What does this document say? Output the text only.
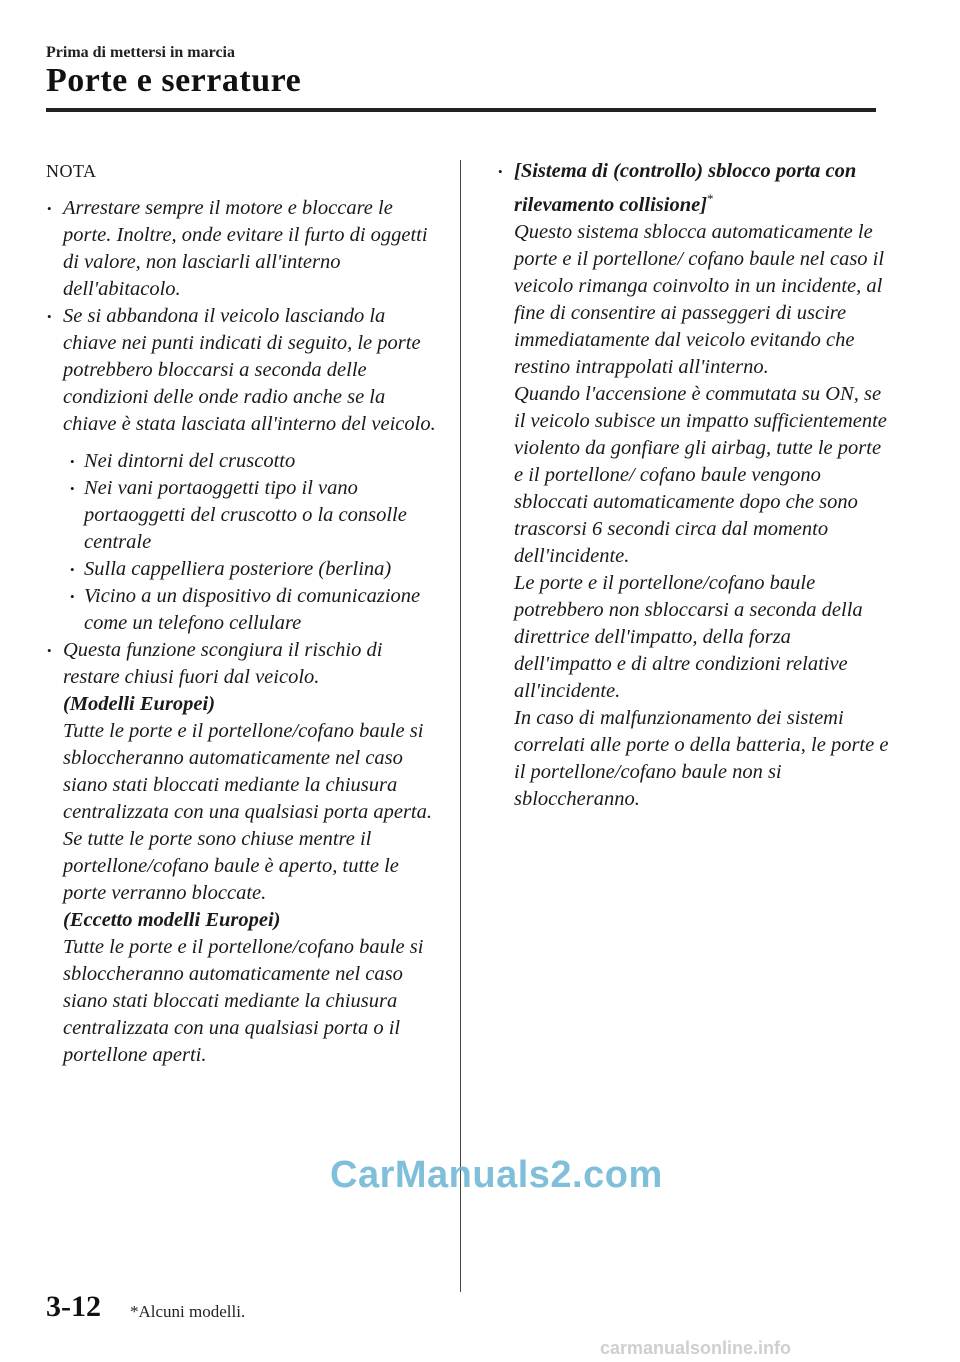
Prima di mettersi in marcia
Porte e serrature
NOTA
• Arrestare sempre il motore e bloccare le porte. Inoltre, onde evitare il furto di oggetti di valore, non lasciarli all'interno dell'abitacolo.
• Se si abbandona il veicolo lasciando la chiave nei punti indicati di seguito, le porte potrebbero bloccarsi a seconda delle condizioni delle onde radio anche se la chiave è stata lasciata all'interno del veicolo.
• Nei dintorni del cruscotto
• Nei vani portaoggetti tipo il vano portaoggetti del cruscotto o la consolle centrale
• Sulla cappelliera posteriore (berlina)
• Vicino a un dispositivo di comunicazione come un telefono cellulare
• Questa funzione scongiura il rischio di restare chiusi fuori dal veicolo.
(Modelli Europei)
Tutte le porte e il portellone/cofano baule si sbloccheranno automaticamente nel caso siano stati bloccati mediante la chiusura centralizzata con una qualsiasi porta aperta.
Se tutte le porte sono chiuse mentre il portellone/cofano baule è aperto, tutte le porte verranno bloccate.
(Eccetto modelli Europei)
Tutte le porte e il portellone/cofano baule si sbloccheranno automaticamente nel caso siano stati bloccati mediante la chiusura centralizzata con una qualsiasi porta o il portellone aperti.
• [Sistema di (controllo) sblocco porta con rilevamento collisione]*
Questo sistema sblocca automaticamente le porte e il portellone/ cofano baule nel caso il veicolo rimanga coinvolto in un incidente, al fine di consentire ai passeggeri di uscire immediatamente dal veicolo evitando che restino intrappolati all'interno.
Quando l'accensione è commutata su ON, se il veicolo subisce un impatto sufficientemente violento da gonfiare gli airbag, tutte le porte e il portellone/ cofano baule vengono sbloccati automaticamente dopo che sono trascorsi 6 secondi circa dal momento dell'incidente.
Le porte e il portellone/cofano baule potrebbero non sbloccarsi a seconda della direttrice dell'impatto, della forza dell'impatto e di altre condizioni relative all'incidente.
In caso di malfunzionamento dei sistemi correlati alle porte o della batteria, le porte e il portellone/cofano baule non si sbloccheranno.
CarManuals2.com
3-12 *Alcuni modelli.
carmanualsonline.info
